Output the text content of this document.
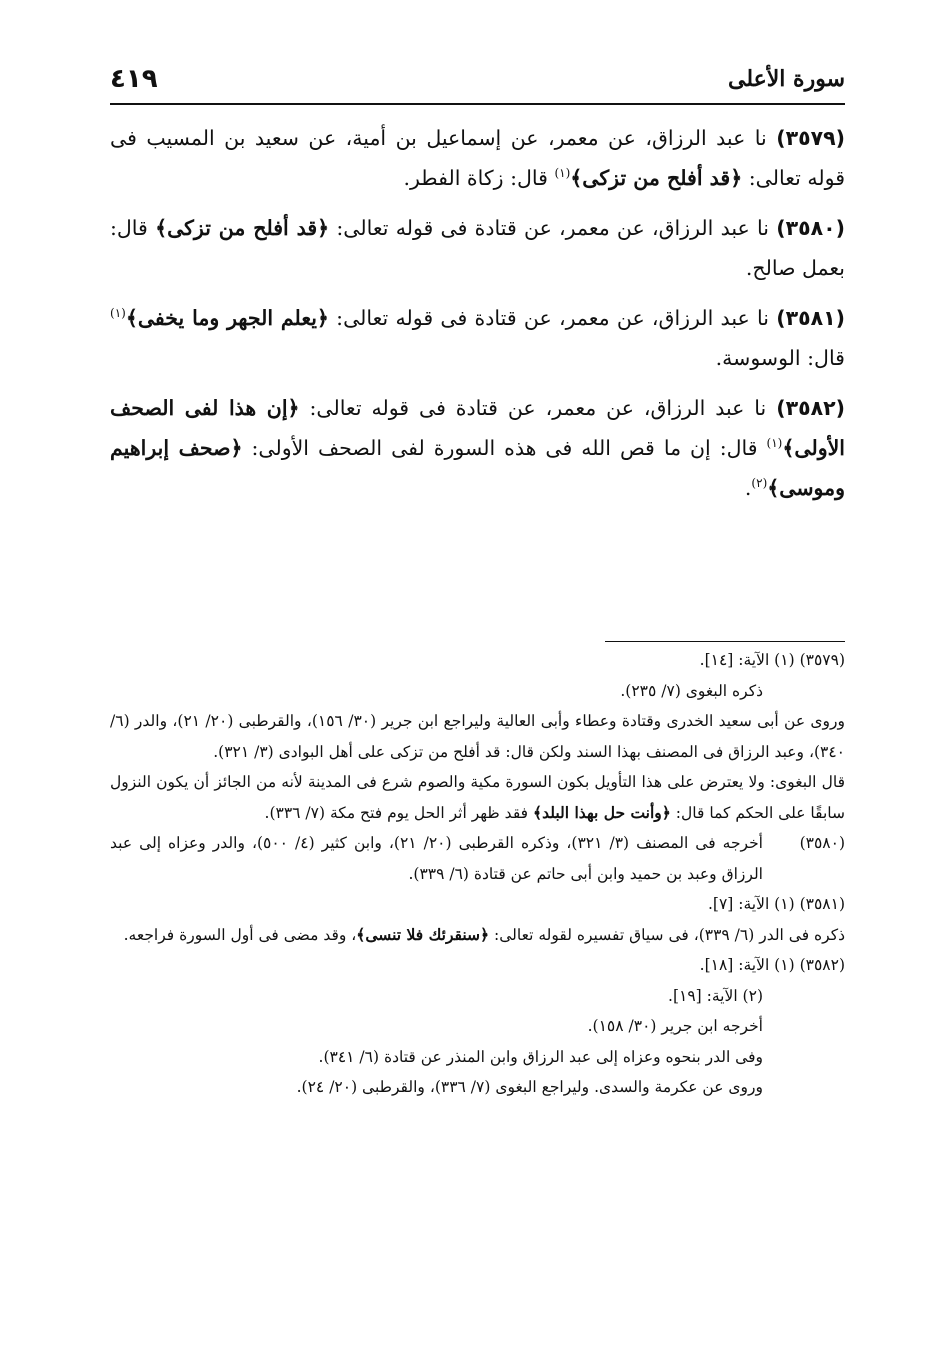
سورة الأعلى
٤١٩

(٣٥٧٩) نا عبد الرزاق، عن معمر، عن إسماعيل بن أمية، عن سعيد بن المسيب فى قوله تعالى: ﴿قد أفلح من تزكى﴾$^{(١)}$ قال: زكاة الفطر.

(٣٥٨٠) نا عبد الرزاق، عن معمر، عن قتادة فى قوله تعالى: ﴿قد أفلح من تزكى﴾ قال: بعمل صالح.

(٣٥٨١) نا عبد الرزاق، عن معمر، عن قتادة فى قوله تعالى: ﴿يعلم الجهر وما يخفى﴾$^{(١)}$ قال: الوسوسة.

(٣٥٨٢) نا عبد الرزاق، عن معمر، عن قتادة فى قوله تعالى: ﴿إن هذا لفى الصحف الأولى﴾$^{(١)}$ قال: إن ما قص الله فى هذه السورة لفى الصحف الأولى: ﴿صحف إبراهيم وموسى﴾$^{(٢)}$.

(٣٥٧٩)

(١) الآية: [١٤].
ذكره البغوى (٧/ ٢٣٥).
وروى عن أبى سعيد الخدرى وقتادة وعطاء وأبى العالية وليراجع ابن جرير (٣٠/ ١٥٦)، والقرطبى (٢٠/ ٢١)، والدر (٦/ ٣٤٠)، وعبد الرزاق فى المصنف بهذا السند ولكن قال: قد أفلح من تزكى على أهل البوادى (٣/ ٣٢١).
قال البغوى: ولا يعترض على هذا التأويل بكون السورة مكية والصوم شرع فى المدينة لأنه من الجائز أن يكون النزول سابقًا على الحكم كما قال: ﴿وأنت حل بهذا البلد﴾ فقد ظهر أثر الحل يوم فتح مكة (٧/ ٣٣٦).
(٣٥٨٠)
أخرجه فى المصنف (٣/ ٣٢١)، وذكره القرطبى (٢٠/ ٢١)، وابن كثير (٤/ ٥٠٠)، والدر وعزاه إلى عبد الرزاق وعبد بن حميد وابن أبى حاتم عن قتادة (٦/ ٣٣٩).
(٣٥٨١)

(١) الآية: [٧].
ذكره فى الدر (٦/ ٣٣٩)، فى سياق تفسيره لقوله تعالى: ﴿سنقرئك فلا تنسى﴾، وقد مضى فى أول السورة فراجعه.
(٣٥٨٢)

(١) الآية: [١٨].
(٢) الآية: [١٩].
أخرجه ابن جرير (٣٠/ ١٥٨).
وفى الدر بنحوه وعزاه إلى عبد الرزاق وابن المنذر عن قتادة (٦/ ٣٤١).
وروى عن عكرمة والسدى. وليراجع البغوى (٧/ ٣٣٦)، والقرطبى (٢٠/ ٢٤).
